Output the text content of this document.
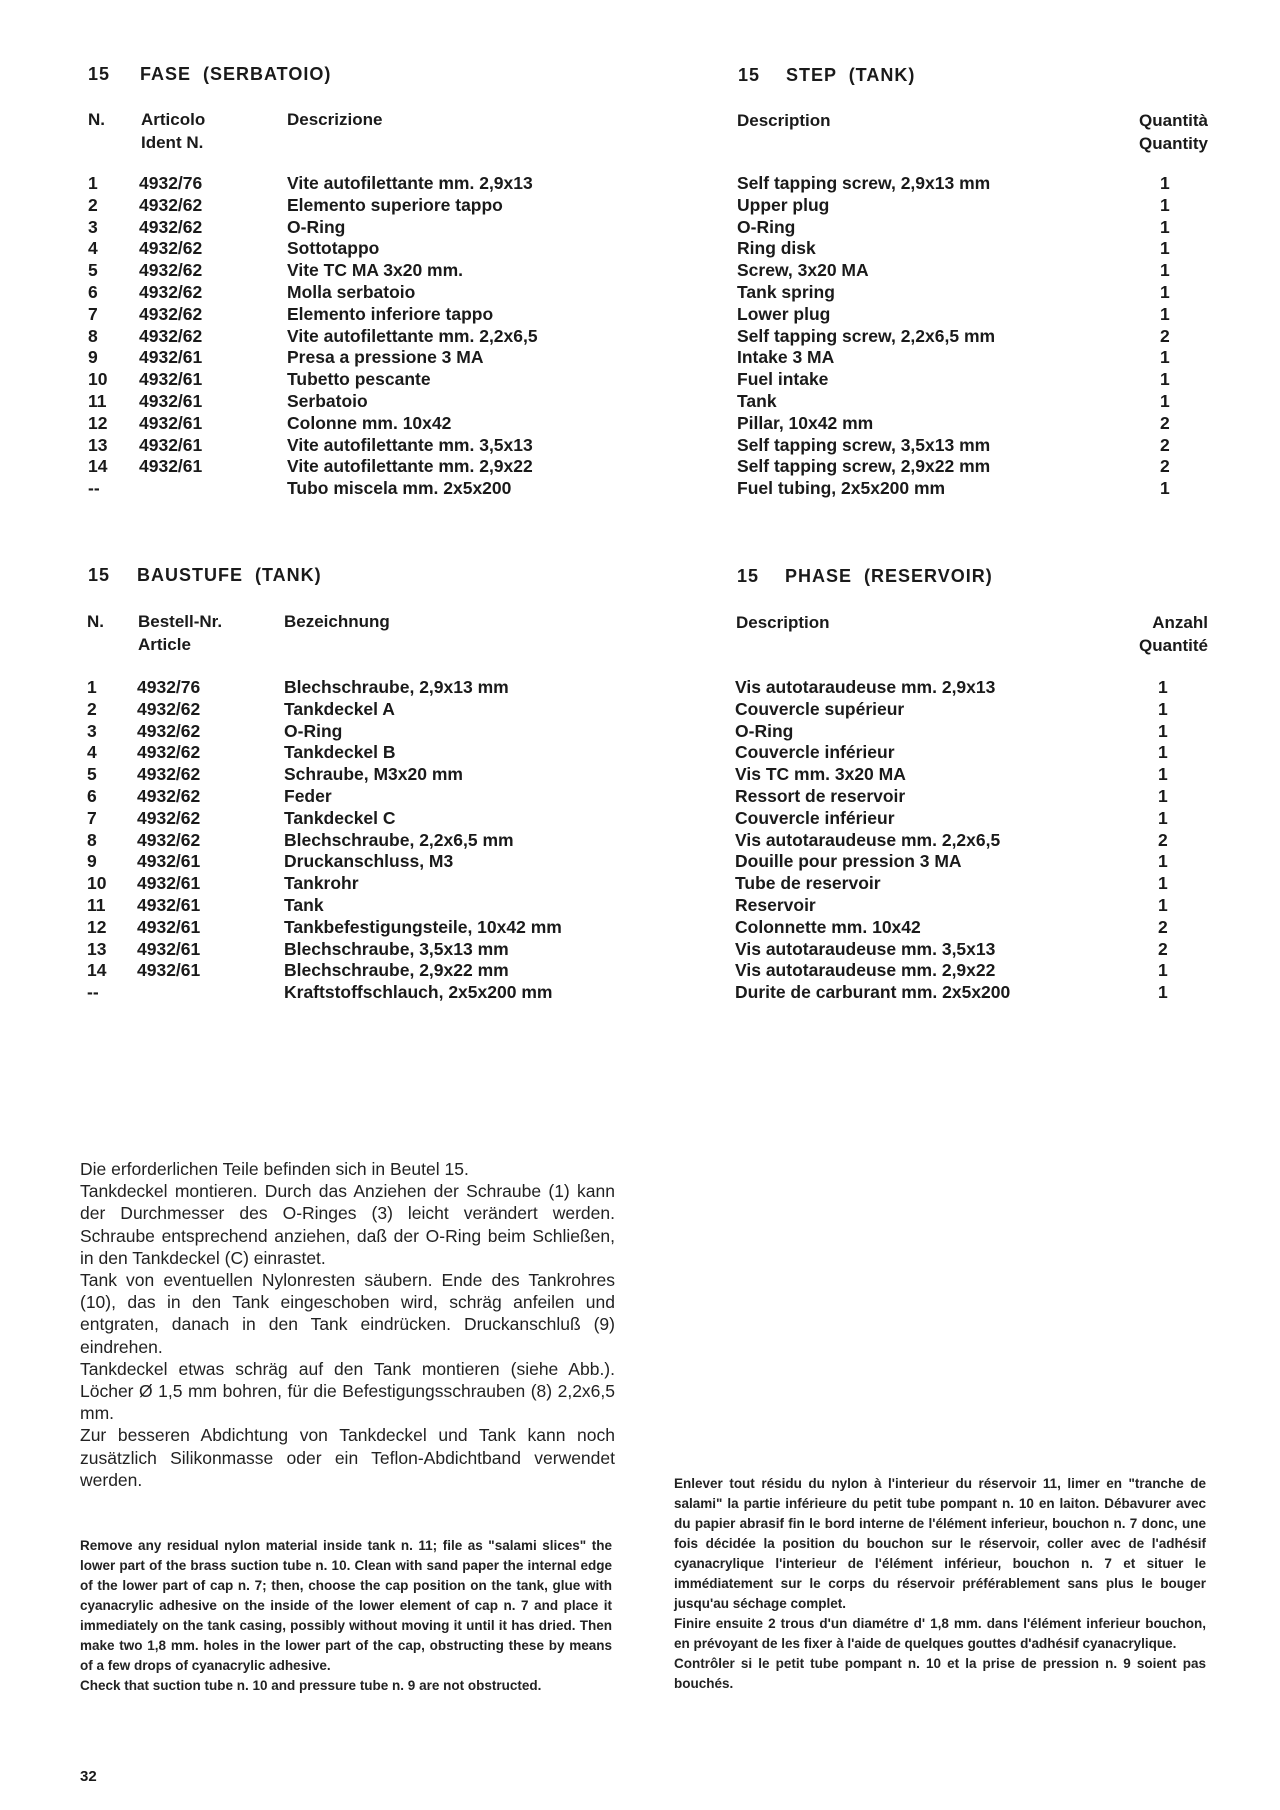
15 FASE  (SERBATOIO)	15 STEP  (TANK)
N. Articolo
Ident N.
Descrizione	Description	Quantità
Quantity
1 4932/76	Vite autofilettante mm. 2,9x13	Self tapping screw, 2,9x13 mm	1
2 4932/62	Elemento superiore tappo	Upper plug	1
3 4932/62	O-Ring	O-Ring	1
4 4932/62	Sottotappo	Ring disk	1
5 4932/62	Vite TC MA 3x20 mm.	Screw, 3x20 MA	1
6 4932/62	Molla serbatoio	Tank spring	1
7 4932/62	Elemento inferiore tappo	Lower plug	1
8 4932/62	Vite autofilettante mm. 2,2x6,5	Self tapping screw, 2,2x6,5 mm	2
9 4932/61	Presa a pressione 3 MA	Intake 3 MA	1
10 4932/61	Tubetto pescante	Fuel intake	1
11 4932/61	Serbatoio	Tank	1
12 4932/61	Colonne mm. 10x42	Pillar, 10x42 mm	2
13 4932/61	Vite autofilettante mm. 3,5x13	Self tapping screw, 3,5x13 mm	2
14 4932/61	Vite autofilettante mm. 2,9x22	Self tapping screw, 2,9x22 mm	2
--	Tubo miscela mm. 2x5x200	Fuel tubing, 2x5x200 mm	1
15 BAUSTUFE  (TANK)	15 PHASE  (RESERVOIR)
N. Bestell-Nr.
Article
Bezeichnung	Description	Anzahl
Quantité
1 4932/76	Blechschraube, 2,9x13 mm	Vis autotaraudeuse mm. 2,9x13	1
2 4932/62	Tankdeckel A	Couvercle supérieur	1
3 4932/62	O-Ring	O-Ring	1
4 4932/62	Tankdeckel B	Couvercle inférieur	1
5 4932/62	Schraube, M3x20 mm	Vis TC mm. 3x20 MA	1
6 4932/62	Feder	Ressort de reservoir	1
7 4932/62	Tankdeckel C	Couvercle inférieur	1
8 4932/62	Blechschraube, 2,2x6,5 mm	Vis autotaraudeuse mm. 2,2x6,5	2
9 4932/61	Druckanschluss, M3	Douille pour pression 3 MA	1
10 4932/61	Tankrohr	Tube de reservoir	1
11 4932/61	Tank	Reservoir	1
12 4932/61	Tankbefestigungsteile, 10x42 mm	Colonnette mm. 10x42	2
13 4932/61	Blechschraube, 3,5x13 mm	Vis autotaraudeuse mm. 3,5x13	2
14 4932/61	Blechschraube, 2,9x22 mm	Vis autotaraudeuse mm. 2,9x22	1
--	Kraftstoffschlauch, 2x5x200 mm	Durite de carburant mm. 2x5x200	1

Die erforderlichen Teile befinden sich in Beutel 15.

Tankdeckel montieren. Durch das Anziehen der Schraube (1) kann der Durchmesser des O-Ringes (3) leicht verändert werden. Schraube entsprechend anziehen, daß der O-Ring beim Schließen, in den Tankdeckel (C) einrastet.

Tank von eventuellen Nylonresten säubern. Ende des Tankrohres (10), das in den Tank eingeschoben wird, schräg anfeilen und entgraten, danach in den Tank eindrücken. Druckanschluß (9) eindrehen.

Tankdeckel etwas schräg auf den Tank montieren (siehe Abb.). Löcher Ø 1,5 mm bohren, für die Befestigungsschrauben (8) 2,2x6,5 mm.

Zur besseren Abdichtung von Tankdeckel und Tank kann noch zusätzlich Silikonmasse oder ein Teflon-Abdichtband verwendet werden.

Remove any residual nylon material inside tank n. 11; file as "salami slices" the lower part of the brass suction tube n. 10. Clean with sand paper the internal edge of the lower part of cap n. 7; then, choose the cap position on the tank, glue with cyanacrylic adhesive on the inside of the lower element of cap n. 7 and place it immediately on the tank casing, possibly without moving it until it has dried. Then make two 1,8 mm. holes in the lower part of the cap, obstructing these by means of a few drops of cyanacrylic adhesive.

Check that suction tube n. 10 and pressure tube n. 9 are not obstructed.

Enlever tout résidu du nylon à l'interieur du réservoir 11, limer en "tranche de salami" la partie inférieure du petit tube pompant n. 10 en laiton. Débavurer avec du papier abrasif fin le bord interne de l'élément inferieur, bouchon n. 7 donc, une fois décidée la position du bouchon sur le réservoir, coller avec de l'adhésif cyanacrylique l'interieur de l'élément inférieur, bouchon n. 7 et situer le immédiatement sur le corps du réservoir préférablement sans plus le bouger jusqu'au séchage complet.

Finire ensuite 2 trous d'un diamétre d' 1,8 mm. dans l'élément inferieur bouchon, en prévoyant de les fixer à l'aide de quelques gouttes d'adhésif cyanacrylique.

Contrôler si le petit tube pompant n. 10 et la prise de pression n. 9 soient pas bouchés.

32
